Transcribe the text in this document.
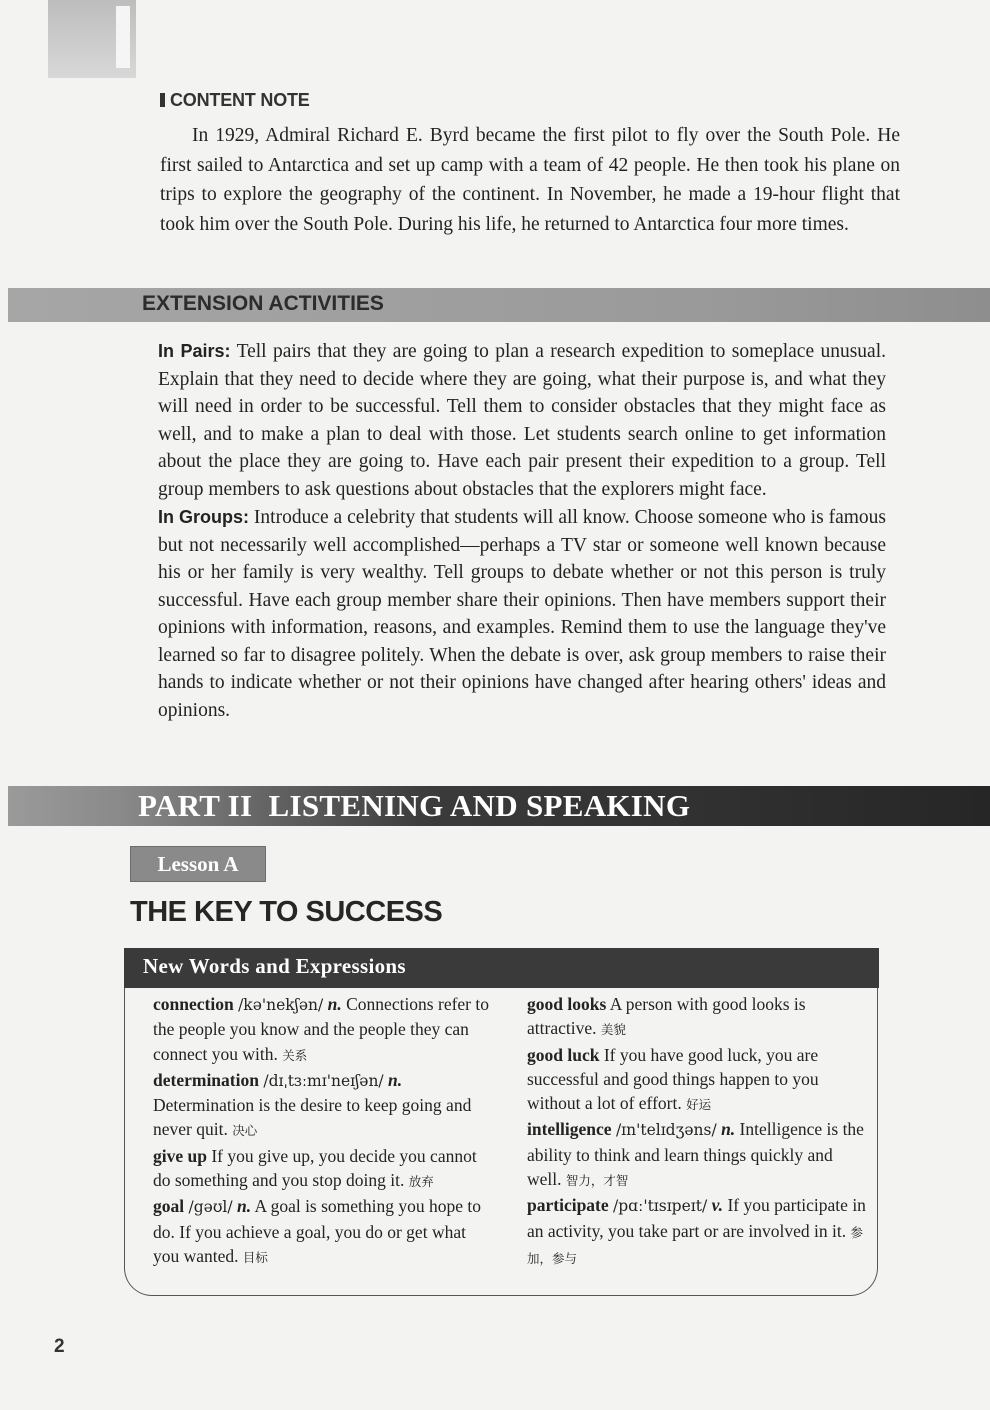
CONTENT NOTE

In 1929, Admiral Richard E. Byrd became the first pilot to fly over the South Pole. He first sailed to Antarctica and set up camp with a team of 42 people. He then took his plane on trips to explore the geography of the continent. In November, he made a 19-hour flight that took him over the South Pole. During his life, he returned to Antarctica four more times.

EXTENSION ACTIVITIES

In Pairs: Tell pairs that they are going to plan a research expedition to someplace unusual. Explain that they need to decide where they are going, what their purpose is, and what they will need in order to be successful. Tell them to consider obstacles that they might face as well, and to make a plan to deal with those. Let students search online to get information about the place they are going to. Have each pair present their expedition to a group. Tell group members to ask questions about obstacles that the explorers might face.

In Groups: Introduce a celebrity that students will all know. Choose someone who is famous but not necessarily well accomplished—perhaps a TV star or someone well known because his or her family is very wealthy. Tell groups to debate whether or not this person is truly successful. Have each group member share their opinions. Then have members support their opinions with information, reasons, and examples. Remind them to use the language they've learned so far to disagree politely. When the debate is over, ask group members to raise their hands to indicate whether or not their opinions have changed after hearing others' ideas and opinions.

PART II  LISTENING AND SPEAKING
Lesson A
THE KEY TO SUCCESS
New Words and Expressions

connection /kə'nekʃən/ n. Connections refer to the people you know and the people they can connect you with. 关系

determination /dɪˌtɜːmɪ'neɪʃən/ n. Determination is the desire to keep going and never quit. 决心

give up If you give up, you decide you cannot do something and you stop doing it. 放弃

goal /gəʊl/ n. A goal is something you hope to do. If you achieve a goal, you do or get what you wanted. 目标

good looks A person with good looks is attractive. 美貌

good luck If you have good luck, you are successful and good things happen to you without a lot of effort. 好运

intelligence /ɪn'telɪdʒəns/ n. Intelligence is the ability to think and learn things quickly and well. 智力，才智

participate /pɑː'tɪsɪpeɪt/ v. If you participate in an activity, you take part or are involved in it. 参加，参与

2
